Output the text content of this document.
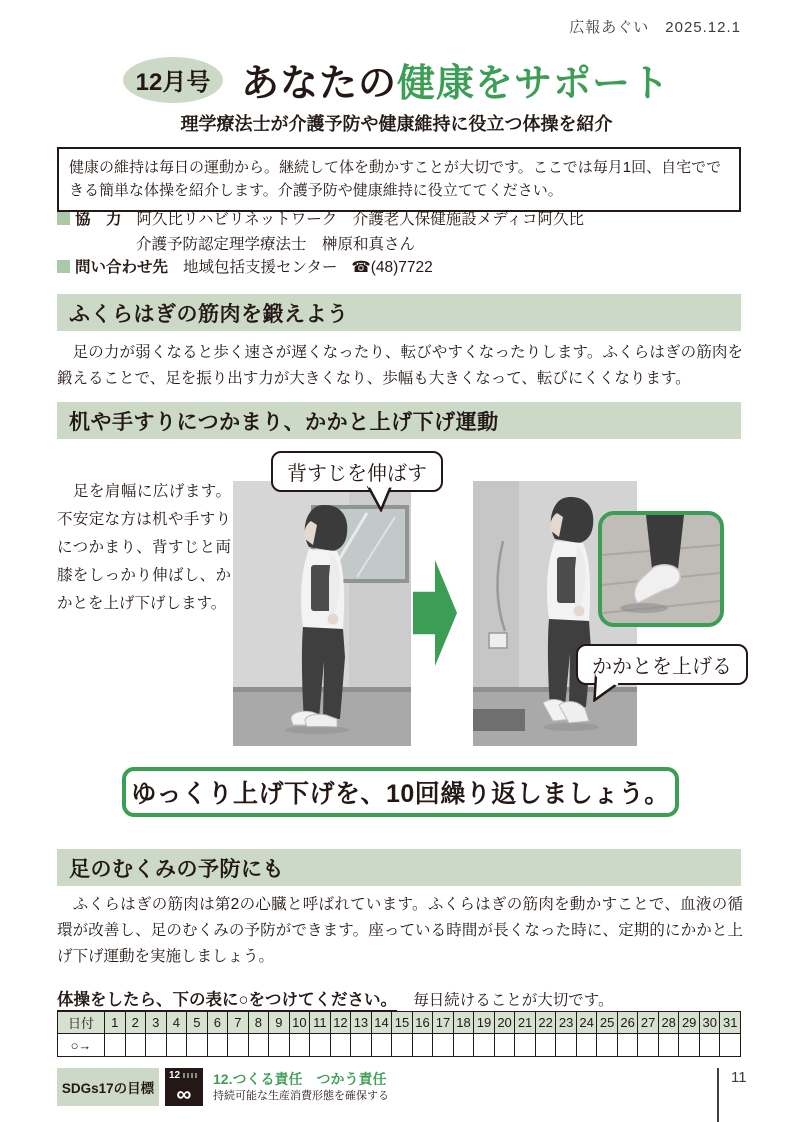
広報あぐい　2025.12.1
12月号 あなたの健康をサポート
理学療法士が介護予防や健康維持に役立つ体操を紹介
健康の維持は毎日の運動から。継続して体を動かすことが大切です。ここでは毎月1回、自宅でできる簡単な体操を紹介します。介護予防や健康維持に役立ててください。
協　力 阿久比リハビリネットワーク　介護老人保健施設メディコ阿久比
介護予防認定理学療法士　榊原和真さん
問い合わせ先 地域包括支援センター ☎ (48)7722
ふくらはぎの筋肉を鍛えよう
　足の力が弱くなると歩く速さが遅くなったり、転びやすくなったりします。ふくらはぎの筋肉を鍛えることで、足を振り出す力が大きくなり、歩幅も大きくなって、転びにくくなります。
机や手すりにつかまり、かかと上げ下げ運動
　足を肩幅に広げます。不安定な方は机や手すりにつかまり、背すじと両膝をしっかり伸ばし、かかとを上げ下げします。
背すじを伸ばす
かかとを上げる
ゆっくり上げ下げを、10回繰り返しましょう。
足のむくみの予防にも
　ふくらはぎの筋肉は第2の心臓と呼ばれています。ふくらはぎの筋肉を動かすことで、血液の循環が改善し、足のむくみの予防ができます。座っている時間が長くなった時に、定期的にかかと上げ下げ運動を実施しましょう。
体操をしたら、下の表に○をつけてください。 毎日続けることが大切です。
日付	1	2	3	4	5	6	7	8	9	10	11	12	13	14	15	16	17	18	19	20	21	22	23	24	25	26	27	28	29	30	31
○→																															
SDGs17の目標
12
∞
12.つくる責任　つかう責任
持続可能な生産消費形態を確保する
11
